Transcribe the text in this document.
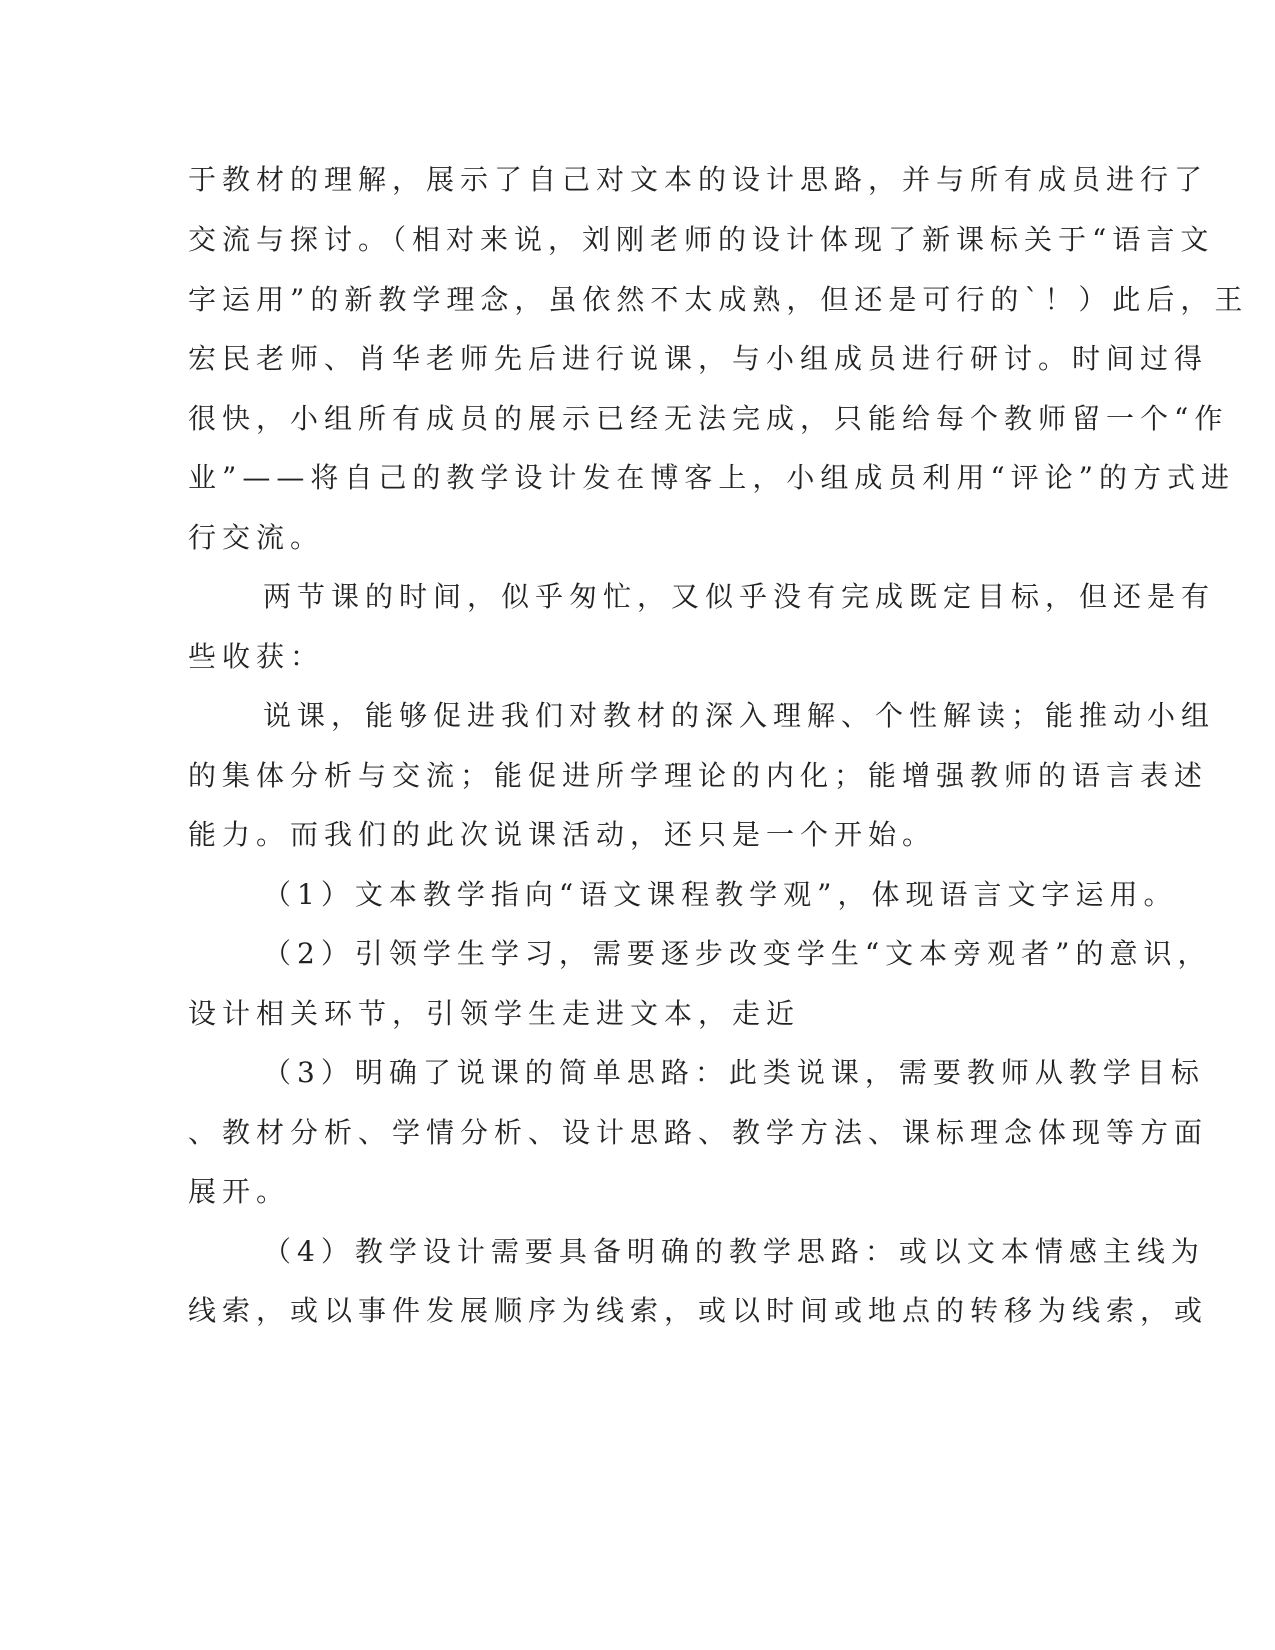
于教材的理解，展示了自己对文本的设计思路，并与所有成员进行了
交流与探讨。（相对来说，刘刚老师的设计体现了新课标关于“语言文
字运用”的新教学理念，虽依然不太成熟，但还是可行的`！）此后，王
宏民老师、肖华老师先后进行说课，与小组成员进行研讨。时间过得
很快，小组所有成员的展示已经无法完成，只能给每个教师留一个“作
业”——将自己的教学设计发在博客上，小组成员利用“评论”的方式进
行交流。
两节课的时间，似乎匆忙，又似乎没有完成既定目标，但还是有
些收获：
说课，能够促进我们对教材的深入理解、个性解读；能推动小组
的集体分析与交流；能促进所学理论的内化；能增强教师的语言表述
能力。而我们的此次说课活动，还只是一个开始。
（1）文本教学指向“语文课程教学观”，体现语言文字运用。
（2）引领学生学习，需要逐步改变学生“文本旁观者”的意识，
设计相关环节，引领学生走进文本，走近
（3）明确了说课的简单思路：此类说课，需要教师从教学目标
、教材分析、学情分析、设计思路、教学方法、课标理念体现等方面
展开。
（4）教学设计需要具备明确的教学思路：或以文本情感主线为
线索，或以事件发展顺序为线索，或以时间或地点的转移为线索，或
